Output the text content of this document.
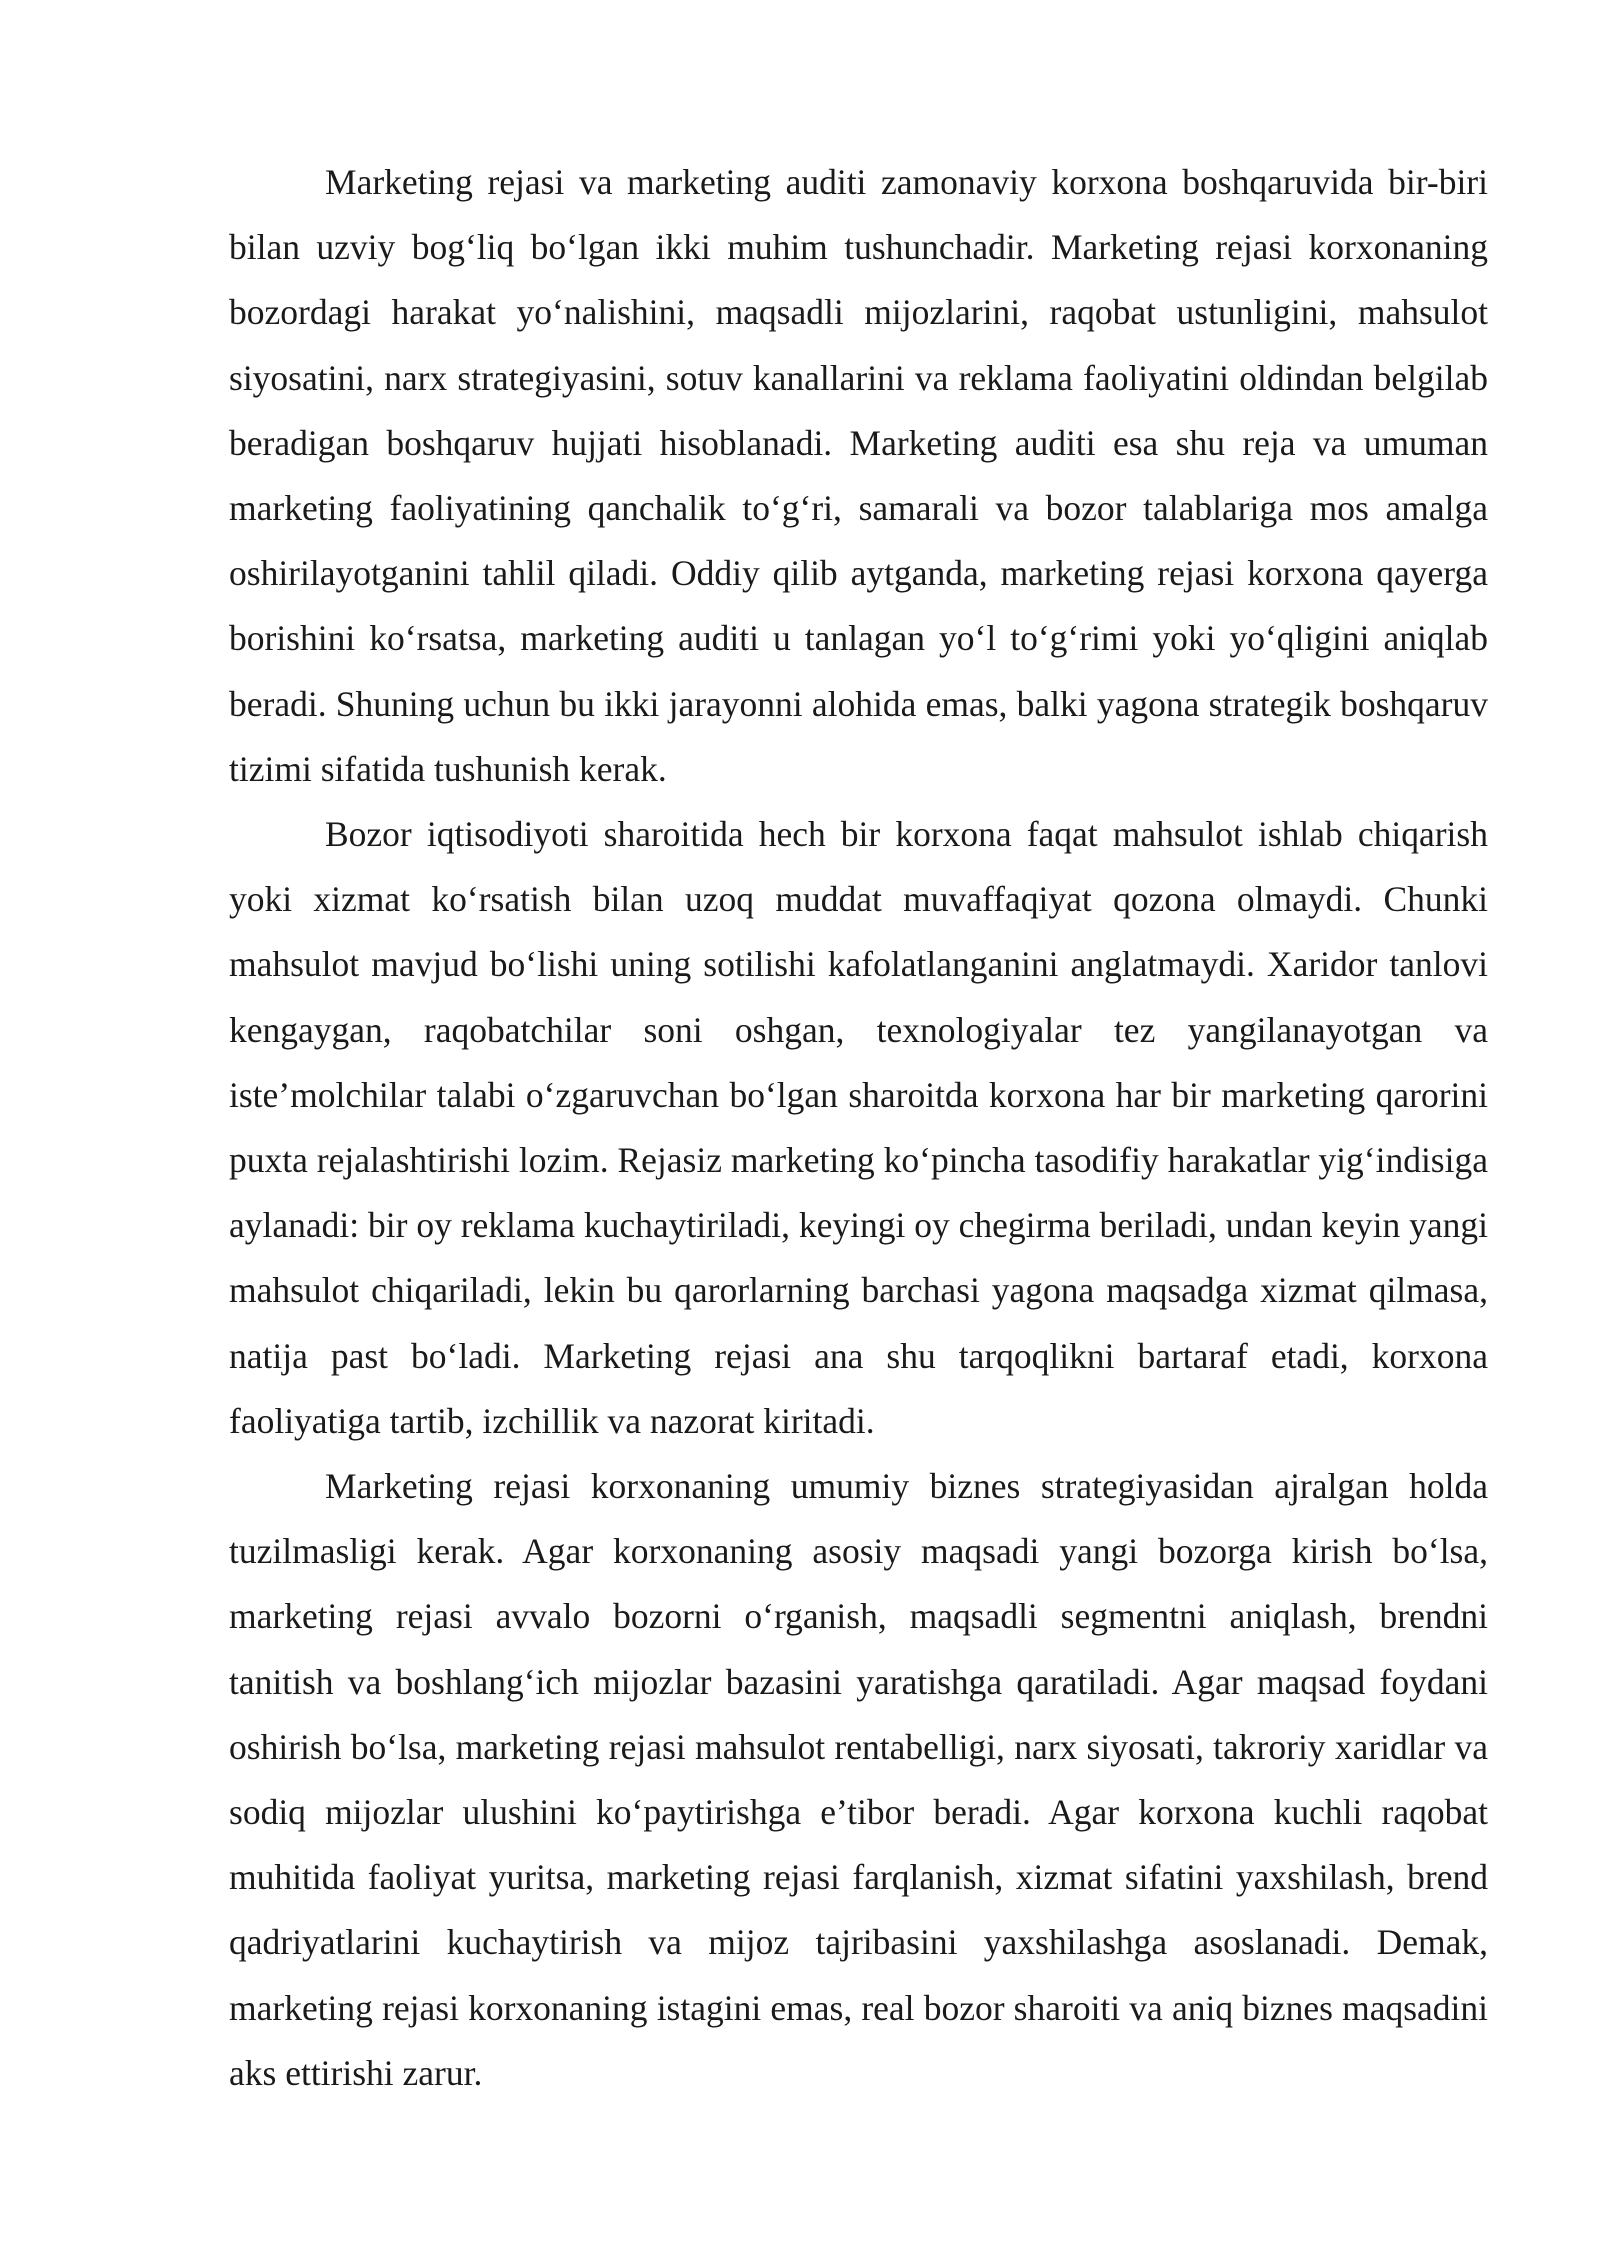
Marketing rejasi va marketing auditi zamonaviy korxona boshqaruvida bir-biri bilan uzviy bog‘liq bo‘lgan ikki muhim tushunchadir. Marketing rejasi korxonaning bozordagi harakat yo‘nalishini, maqsadli mijozlarini, raqobat ustunligini, mahsulot siyosatini, narx strategiyasini, sotuv kanallarini va reklama faoliyatini oldindan belgilab beradigan boshqaruv hujjati hisoblanadi. Marketing auditi esa shu reja va umuman marketing faoliyatining qanchalik to‘g‘ri, samarali va bozor talablariga mos amalga oshirilayotganini tahlil qiladi. Oddiy qilib aytganda, marketing rejasi korxona qayerga borishini ko‘rsatsa, marketing auditi u tanlagan yo‘l to‘g‘rimi yoki yo‘qligini aniqlab beradi. Shuning uchun bu ikki jarayonni alohida emas, balki yagona strategik boshqaruv tizimi sifatida tushunish kerak.

Bozor iqtisodiyoti sharoitida hech bir korxona faqat mahsulot ishlab chiqarish yoki xizmat ko‘rsatish bilan uzoq muddat muvaffaqiyat qozona olmaydi. Chunki mahsulot mavjud bo‘lishi uning sotilishi kafolatlanganini anglatmaydi. Xaridor tanlovi kengaygan, raqobatchilar soni oshgan, texnologiyalar tez yangilanayotgan va iste’molchilar talabi o‘zgaruvchan bo‘lgan sharoitda korxona har bir marketing qarorini puxta rejalashtirishi lozim. Rejasiz marketing ko‘pincha tasodifiy harakatlar yig‘indisiga aylanadi: bir oy reklama kuchaytiriladi, keyingi oy chegirma beriladi, undan keyin yangi mahsulot chiqariladi, lekin bu qarorlarning barchasi yagona maqsadga xizmat qilmasa, natija past bo‘ladi. Marketing rejasi ana shu tarqoqlikni bartaraf etadi, korxona faoliyatiga tartib, izchillik va nazorat kiritadi.

Marketing rejasi korxonaning umumiy biznes strategiyasidan ajralgan holda tuzilmasligi kerak. Agar korxonaning asosiy maqsadi yangi bozorga kirish bo‘lsa, marketing rejasi avvalo bozorni o‘rganish, maqsadli segmentni aniqlash, brendni tanitish va boshlang‘ich mijozlar bazasini yaratishga qaratiladi. Agar maqsad foydani oshirish bo‘lsa, marketing rejasi mahsulot rentabelligi, narx siyosati, takroriy xaridlar va sodiq mijozlar ulushini ko‘paytirishga e’tibor beradi. Agar korxona kuchli raqobat muhitida faoliyat yuritsa, marketing rejasi farqlanish, xizmat sifatini yaxshilash, brend qadriyatlarini kuchaytirish va mijoz tajribasini yaxshilashga asoslanadi. Demak, marketing rejasi korxonaning istagini emas, real bozor sharoiti va aniq biznes maqsadini aks ettirishi zarur.
